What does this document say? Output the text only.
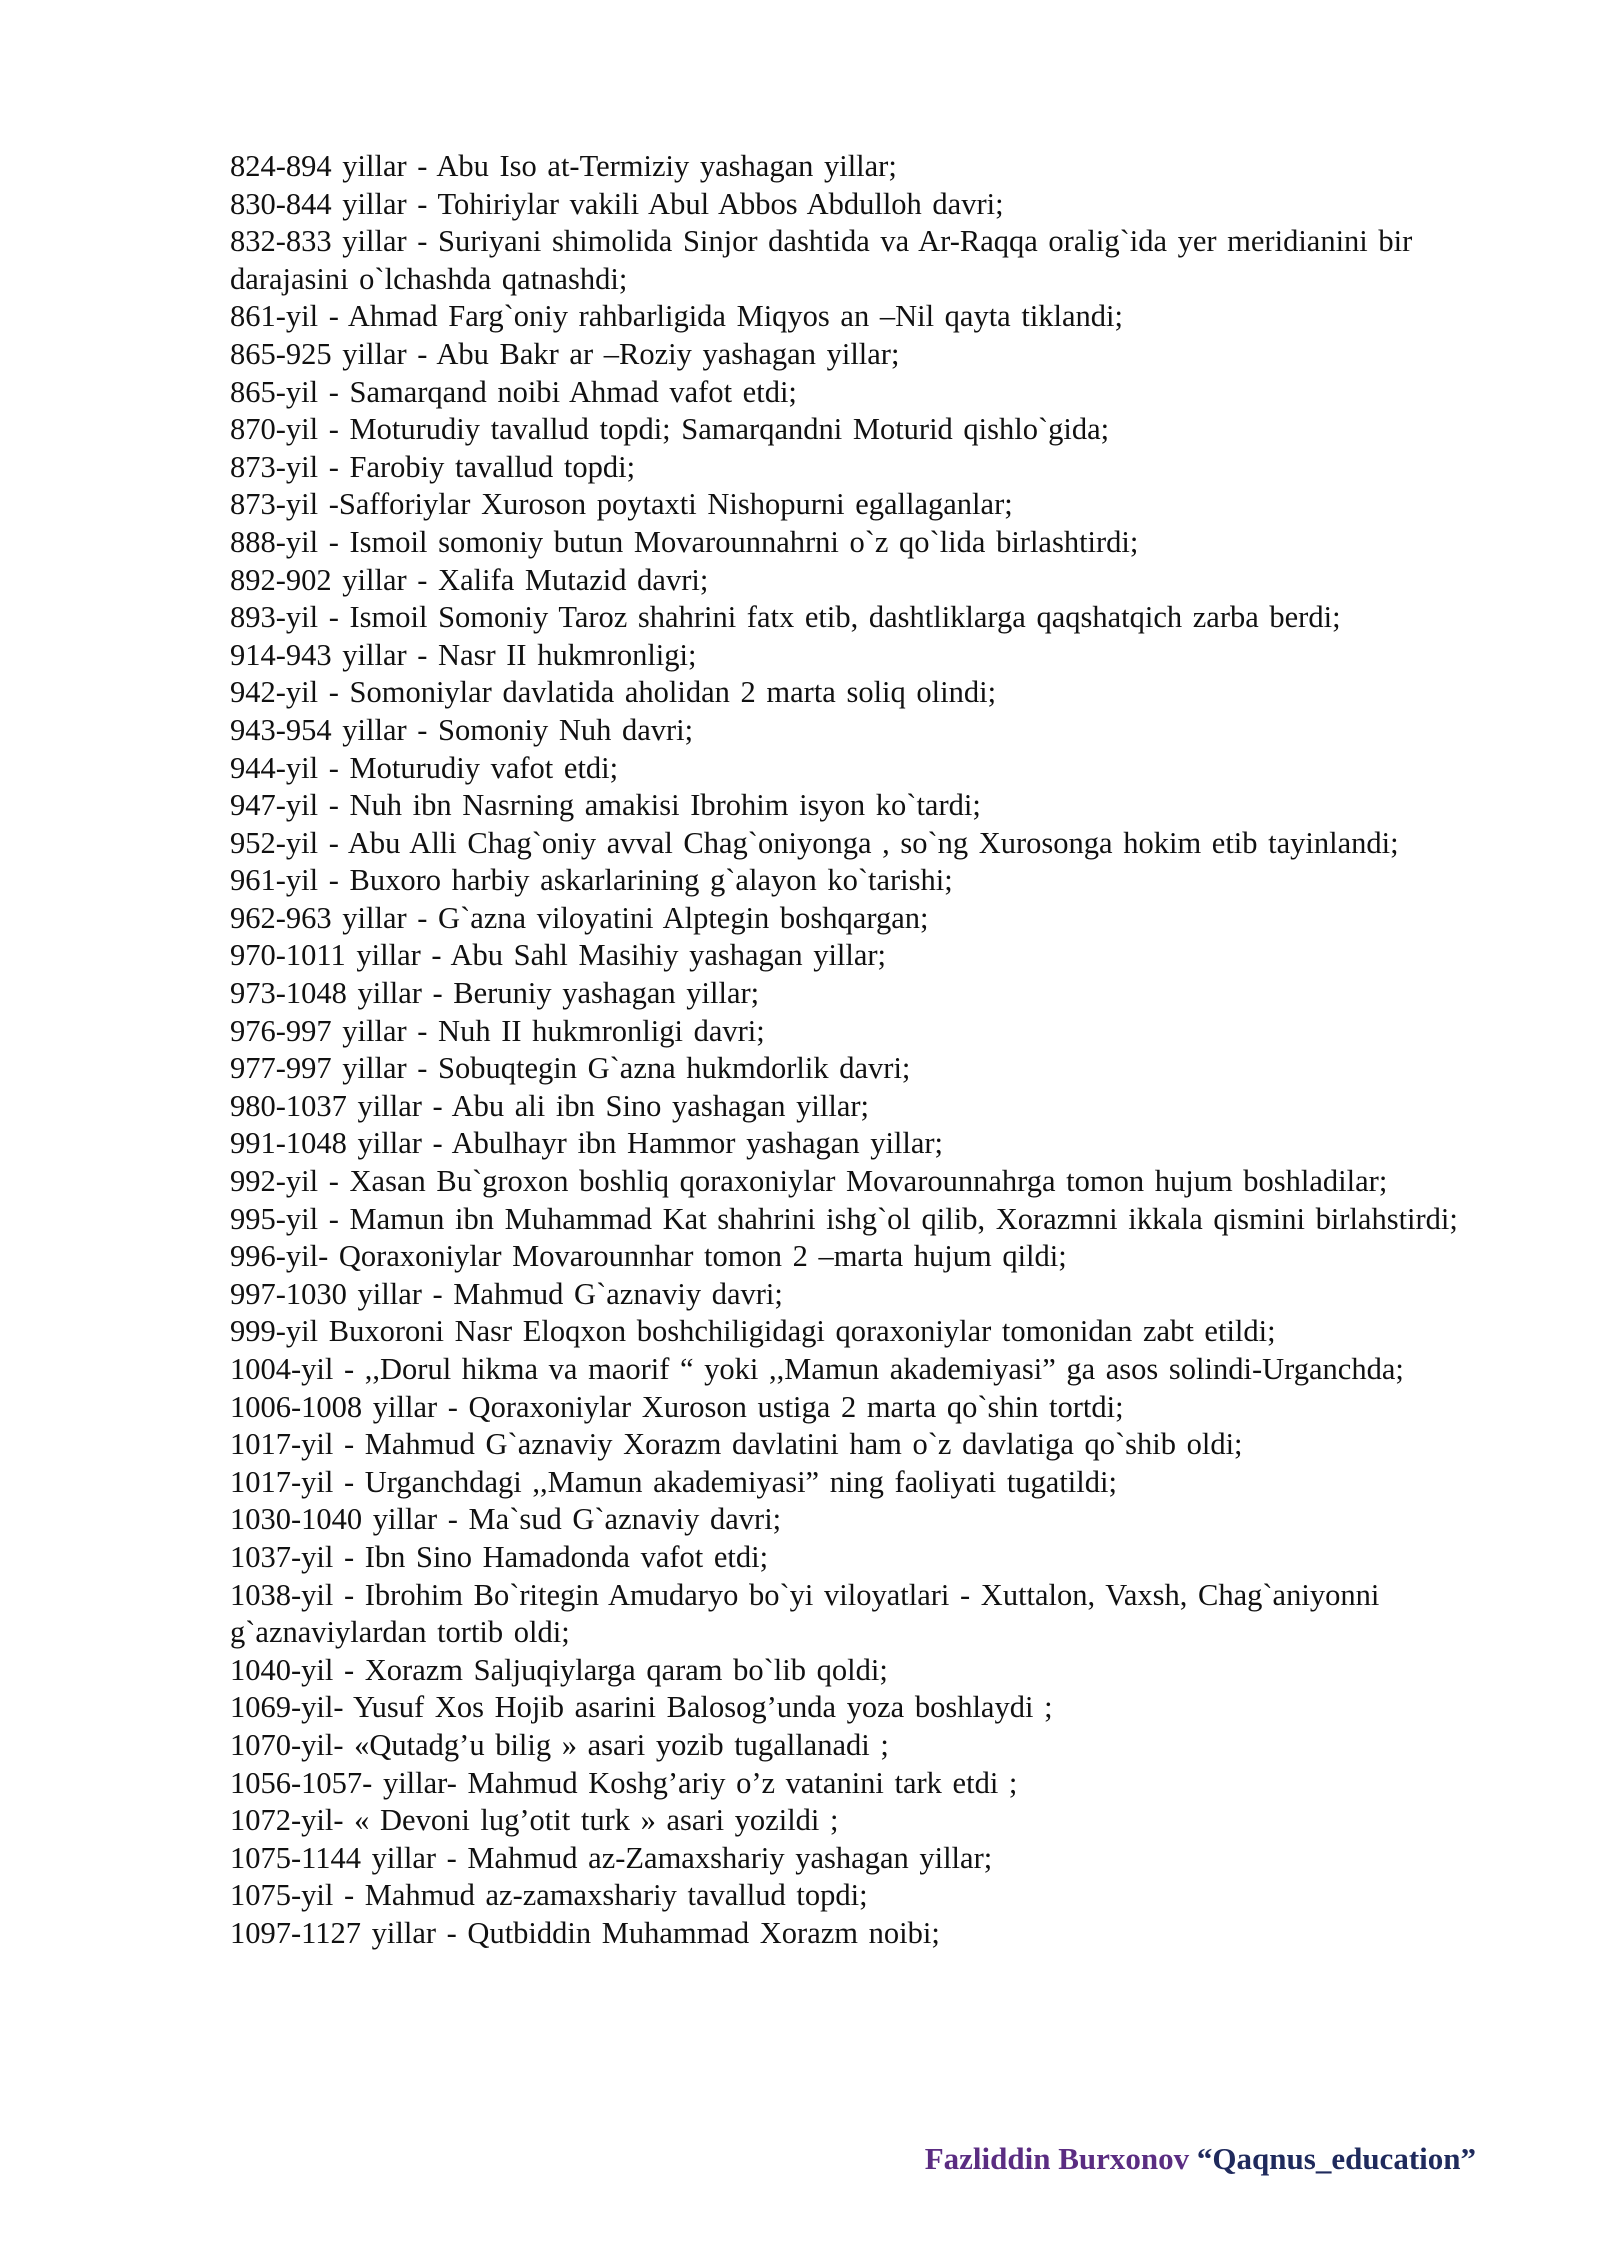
824-894 yillar - Abu Iso at-Termiziy yashagan yillar;

830-844 yillar - Tohiriylar vakili Abul Abbos Abdulloh davri;

832-833 yillar - Suriyani shimolida Sinjor dashtida va Ar-Raqqa oralig`ida yer meridianini bir darajasini o`lchashda qatnashdi;

861-yil - Ahmad Farg`oniy rahbarligida Miqyos an –Nil qayta tiklandi;

865-925 yillar - Abu Bakr ar –Roziy yashagan yillar;

865-yil - Samarqand noibi Ahmad vafot etdi;

870-yil - Moturudiy tavallud topdi; Samarqandni Moturid qishlo`gida;

873-yil - Farobiy tavallud topdi;

873-yil -Safforiylar Xuroson poytaxti Nishopurni egallaganlar;

888-yil - Ismoil somoniy butun Movarounnahrni o`z qo`lida birlashtirdi;

892-902 yillar - Xalifa Mutazid davri;

893-yil - Ismoil Somoniy Taroz shahrini fatx etib, dashtliklarga qaqshatqich zarba berdi;

914-943 yillar - Nasr II hukmronligi;

942-yil - Somoniylar davlatida aholidan 2 marta soliq olindi;

943-954 yillar - Somoniy Nuh davri;

944-yil - Moturudiy vafot etdi;

947-yil - Nuh ibn Nasrning amakisi Ibrohim isyon ko`tardi;

952-yil - Abu Alli Chag`oniy avval Chag`oniyonga , so`ng Xurosonga hokim etib tayinlandi;

961-yil - Buxoro harbiy askarlarining g`alayon ko`tarishi;

962-963 yillar - G`azna viloyatini Alptegin boshqargan;

970-1011 yillar - Abu Sahl Masihiy yashagan yillar;

973-1048 yillar - Beruniy yashagan yillar;

976-997 yillar - Nuh II hukmronligi davri;

977-997 yillar - Sobuqtegin G`azna hukmdorlik davri;

980-1037 yillar - Abu ali ibn Sino yashagan yillar;

991-1048 yillar - Abulhayr ibn Hammor yashagan yillar;

992-yil - Xasan Bu`groxon boshliq qoraxoniylar Movarounnahrga tomon hujum boshladilar;

995-yil - Mamun ibn Muhammad Kat shahrini ishg`ol qilib, Xorazmni ikkala qismini birlahstirdi;

996-yil- Qoraxoniylar Movarounnhar tomon 2 –marta hujum qildi;

997-1030 yillar - Mahmud G`aznaviy davri;

999-yil Buxoroni Nasr Eloqxon boshchiligidagi qoraxoniylar tomonidan zabt etildi;

1004-yil - ,,Dorul hikma va maorif “ yoki ,,Mamun akademiyasi” ga asos solindi-Urganchda;

1006-1008 yillar - Qoraxoniylar Xuroson ustiga 2 marta qo`shin tortdi;

1017-yil - Mahmud G`aznaviy Xorazm davlatini ham o`z davlatiga qo`shib oldi;

1017-yil - Urganchdagi ,,Mamun akademiyasi” ning faoliyati tugatildi;

1030-1040 yillar - Ma`sud G`aznaviy davri;

1037-yil - Ibn Sino Hamadonda vafot etdi;

1038-yil - Ibrohim Bo`ritegin Amudaryo bo`yi viloyatlari - Xuttalon, Vaxsh, Chag`aniyonni g`aznaviylardan tortib oldi;

1040-yil - Xorazm Saljuqiylarga qaram bo`lib qoldi;

1069-yil- Yusuf Xos Hojib asarini Balosog’unda yoza boshlaydi ;

1070-yil- «Qutadg’u bilig » asari yozib tugallanadi ;

1056-1057- yillar- Mahmud Koshg’ariy o’z vatanini tark etdi ;

1072-yil- « Devoni lug’otit turk » asari yozildi ;

1075-1144 yillar - Mahmud az-Zamaxshariy yashagan yillar;

1075-yil - Mahmud az-zamaxshariy tavallud topdi;

1097-1127 yillar - Qutbiddin Muhammad Xorazm noibi;

Fazliddin Burxonov “Qaqnus_education”
